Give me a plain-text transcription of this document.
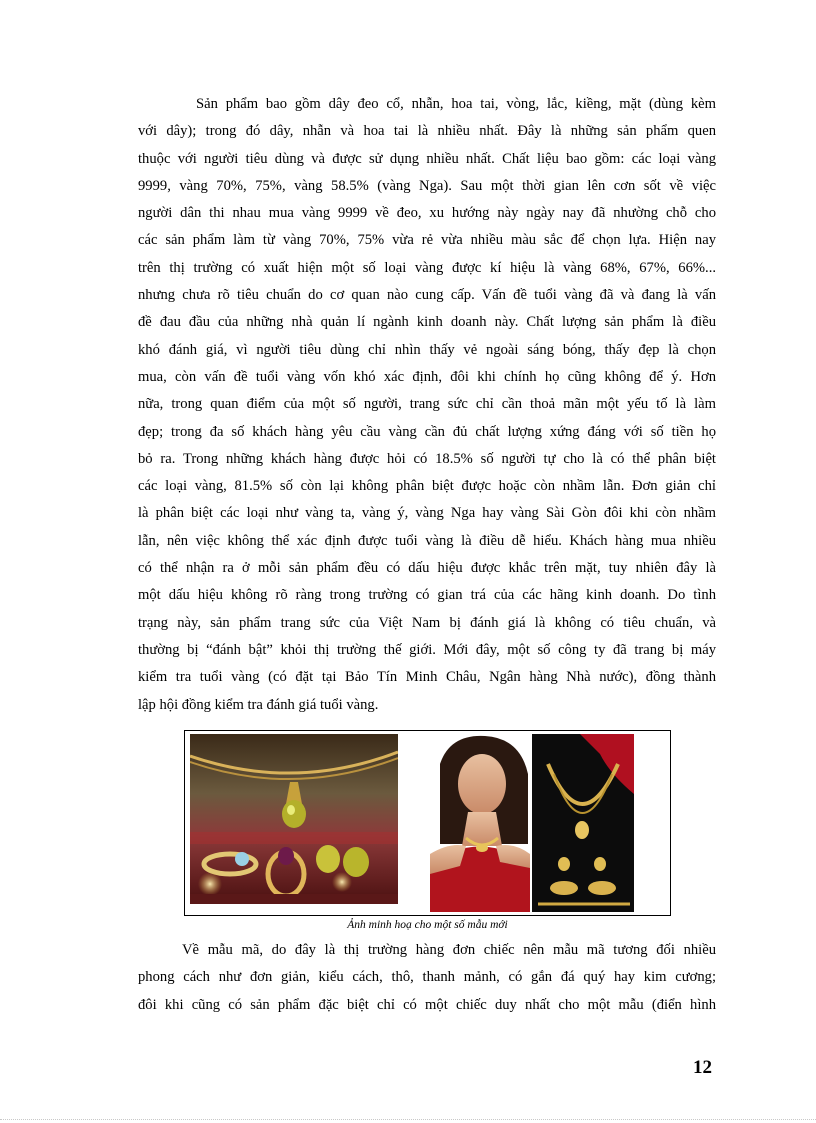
Sản phẩm bao gồm dây đeo cổ, nhẫn, hoa tai, vòng, lắc, kiềng, mặt (dùng kèm
với dây); trong đó dây, nhẫn và hoa tai là nhiều nhất. Đây là những sản phẩm quen
thuộc với người tiêu dùng và được sử dụng nhiều nhất. Chất liệu bao gồm: các loại vàng
9999, vàng 70%, 75%, vàng 58.5% (vàng Nga). Sau một thời gian lên cơn sốt về việc
người dân thi nhau mua vàng 9999 về đeo, xu hướng này ngày nay đã nhường chỗ cho
các sản phẩm làm từ vàng 70%, 75% vừa rẻ vừa nhiều màu sắc để chọn lựa. Hiện nay
trên thị trường có xuất hiện một số loại vàng được kí hiệu là vàng 68%, 67%, 66%...
nhưng chưa rõ tiêu chuẩn do cơ quan nào cung cấp. Vấn đề tuổi vàng đã và đang là vấn
đề đau đầu của những nhà quản lí ngành kinh doanh này. Chất lượng sản phẩm là điều
khó đánh giá, vì người tiêu dùng chỉ nhìn thấy vẻ ngoài sáng bóng, thấy đẹp là chọn
mua, còn vấn đề tuổi vàng vốn khó xác định, đôi khi chính họ cũng không để ý. Hơn
nữa, trong quan điểm của một số người, trang sức chỉ cần thoả mãn một yếu tố là làm
đẹp; trong đa số khách hàng yêu cầu vàng cần đủ chất lượng xứng đáng với số tiền họ
bỏ ra. Trong những khách hàng được hỏi có 18.5% số người tự cho là có thể phân biệt
các loại vàng, 81.5% số còn lại không phân biệt được hoặc còn nhầm lẫn. Đơn giản chỉ
là phân biệt các loại như vàng ta, vàng ý, vàng Nga hay vàng Sài Gòn đôi khi còn nhầm
lẫn, nên việc không thể xác định được tuổi vàng là điều dễ hiểu. Khách hàng mua nhiều
có thể nhận ra ở mỗi sản phẩm đều có dấu hiệu được khắc trên mặt, tuy nhiên đây là
một dấu hiệu không rõ ràng trong trường có gian trá của các hãng kinh doanh. Do tình
trạng này, sản phẩm trang sức của Việt Nam bị đánh giá là không có tiêu chuẩn, và
thường bị “đánh bật” khỏi thị trường thế giới. Mới đây, một số công ty đã trang bị máy
kiểm tra tuổi vàng (có đặt tại Bảo Tín Minh Châu, Ngân hàng Nhà nước), đồng thành
lập hội đồng kiểm tra đánh giá tuổi vàng.
Ảnh minh hoạ cho một số mẫu mới
Về mẫu mã, do đây là thị trường hàng đơn chiếc nên mẫu mã tương đối nhiều
phong cách như đơn giản, kiểu cách, thô, thanh mảnh, có gắn đá quý hay kim cương;
đôi khi cũng có sản phẩm đặc biệt chỉ có một chiếc duy nhất cho một mẫu (điển hình
12
